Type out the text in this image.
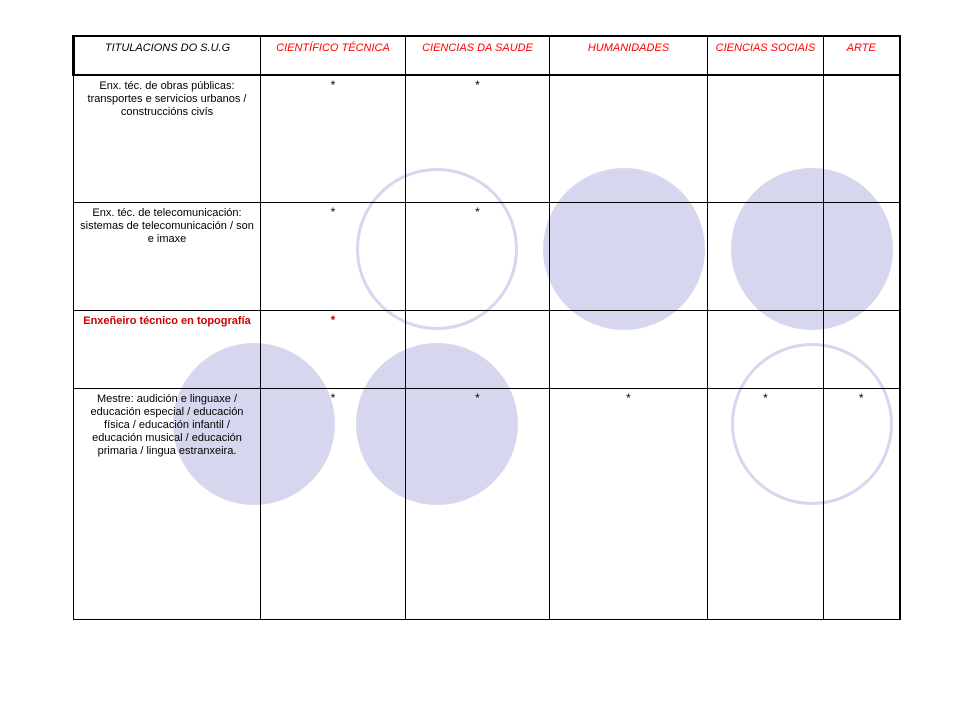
TITULACIONS DO S.U.G	CIENTÍFICO TÉCNICA	CIENCIAS DA SAUDE	HUMANIDADES	CIENCIAS SOCIAIS	ARTE
Enx. téc. de obras públicas: transportes e servicios urbanos / construccións civís	*	*			
Enx. téc. de telecomunicación: sistemas de telecomunicación / son e imaxe	*	*			
Enxeñeiro técnico en topografía	*				
Mestre: audición e linguaxe / educación especial / educación física / educación infantil / educación musical / educación primaria / lingua estranxeira.	*	*	*	*	*
